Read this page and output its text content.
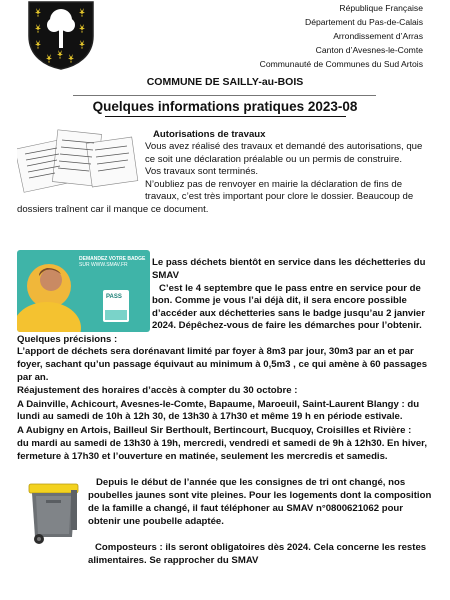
République Française
Département du Pas-de-Calais
Arrondissement d’Arras
Canton d’Avesnes-le-Comte
Communauté de Communes du Sud Artois
COMMUNE DE SAILLY-au-BOIS
Quelques informations pratiques 2023-08
Autorisations de travaux
Vous avez réalisé des travaux et demandé des autorisations, que
ce soit une déclaration préalable ou un permis de construire.
Vos travaux sont terminés.
N’oubliez pas de renvoyer en mairie la déclaration de fins de
travaux, c’est très important pour clore le dossier. Beaucoup de
dossiers traînent car il manque ce document.
DEMANDEZ VOTRE BADGE
SUR WWW.SMAV.FR
PASS
Le pass déchets bientôt en service dans les déchetteries du
SMAV
C’est le 4 septembre que le pass entre en service pour de
bon. Comme je vous l’ai déjà dit, il sera encore possible
d’accéder aux déchetteries sans le badge jusqu’au 2 janvier
2024. Dépêchez-vous de faire les démarches pour l’obtenir.
Quelques précisions :
L’apport de déchets sera dorénavant limité par foyer à 8m3 par jour, 30m3 par an et par
foyer, sachant qu’un passage équivaut au minimum à 0,5m3 , ce qui amène à 60 passages
par an.
Réajustement des horaires d’accès à compter du 30 octobre :
A Dainville, Achicourt, Avesnes-le-Comte, Bapaume, Maroeuil, Saint-Laurent Blangy : du
lundi au samedi de 10h à 12h 30, de 13h30 à 17h30 et même 19 h en période estivale.
A Aubigny en Artois, Bailleul Sir Berthoult, Bertincourt, Bucquoy, Croisilles et Rivière :
du mardi au samedi de 13h30 à 19h, mercredi, vendredi et samedi de 9h à 12h30. En hiver,
fermeture à 17h30 et l’ouverture en matinée, seulement les mercredis et samedis.
Depuis le début de l’année que les consignes de tri ont changé, nos
poubelles jaunes sont vite pleines. Pour les logements dont la composition
de la famille a changé, il faut téléphoner au SMAV n°0800621062 pour
obtenir une poubelle adaptée.
Composteurs : ils seront obligatoires dès 2024. Cela concerne les restes
alimentaires. Se rapprocher du SMAV
